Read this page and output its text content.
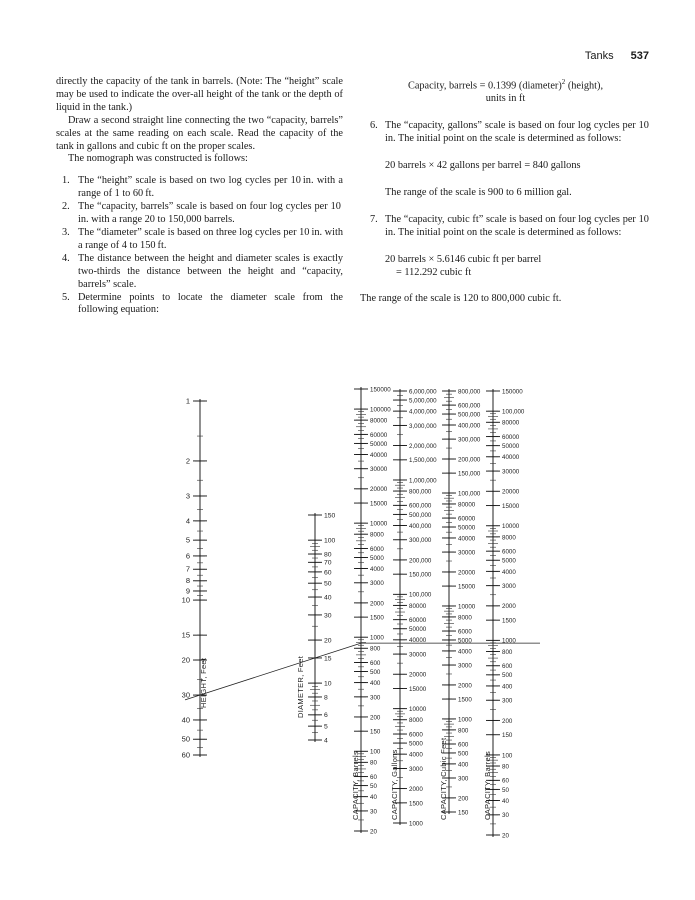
Tanks 537

directly the capacity of the tank in barrels. (Note: The “height” scale may be used to indicate the over-all height of the tank or the depth of liquid in the tank.)

Draw a second straight line connecting the two “capacity, barrels” scales at the same reading on each scale. Read the capacity of the tank in gallons and cubic ft on the proper scales.

The nomograph was constructed is follows:

1. The “height” scale is based on two log cycles per 10 in. with a range of 1 to 60 ft.
2. The “capacity, barrels” scale is based on four log cycles per 10 in. with a range 20 to 150,000 barrels.
3. The “diameter” scale is based on three log cycles per 10 in. with a range of 4 to 150 ft.
4. The distance between the height and diameter scales is exactly two-thirds the distance between the height and “capacity, barrels” scale.
5. Determine points to locate the diameter scale from the following equation:

Capacity, barrels = 0.1399 (diameter)$^2$ (height),

units in ft

6. The “capacity, gallons” scale is based on four log cycles per 10 in. The initial point on the scale is determined as follows:

20 barrels × 42 gallons per barrel = 840 gallons

The range of the scale is 900 to 6 million gal.

7. The “capacity, cubic ft” scale is based on four log cycles per 10 in. The initial point on the scale is determined as follows:

20 barrels × 5.6146 cubic ft per barrel

= 112.292 cubic ft

The range of the scale is 120 to 800,000 cubic ft.

1
2
3
4
5
6
7
8
9
10
15
20
30
40
50
60
HEIGHT, Feet
150
100
80
70
60
50
40
30
20
15
10
8
6
5
4
DIAMETER, Feet
150000
100000
80000
60000
50000
40000
30000
20000
15000
10000
8000
6000
5000
4000
3000
2000
1500
1000
800
600
500
400
300
200
150
100
80
60
50
40
30
20
CAPACITY, Barrels
6,000,000
5,000,000
4,000,000
3,000,000
2,000,000
1,500,000
1,000,000
800,000
600,000
500,000
400,000
300,000
200,000
150,000
100,000
80000
60000
50000
40000
30000
20000
15000
10000
8000
6000
5000
4000
3000
2000
1500
1000
CAPACITY, Gallons
800,000
600,000
500,000
400,000
300,000
200,000
150,000
100,000
80000
60000
50000
40000
30000
20000
15000
10000
8000
6000
5000
4000
3000
2000
1500
1000
800
600
500
400
300
200
150
CAPACITY, Cubic Feet
150000
100,000
80000
60000
50000
40000
30000
20000
15000
10000
8000
6000
5000
4000
3000
2000
1500
1000
800
600
500
400
300
200
150
100
80
60
50
40
30
20
CAPACITY, Barrels
